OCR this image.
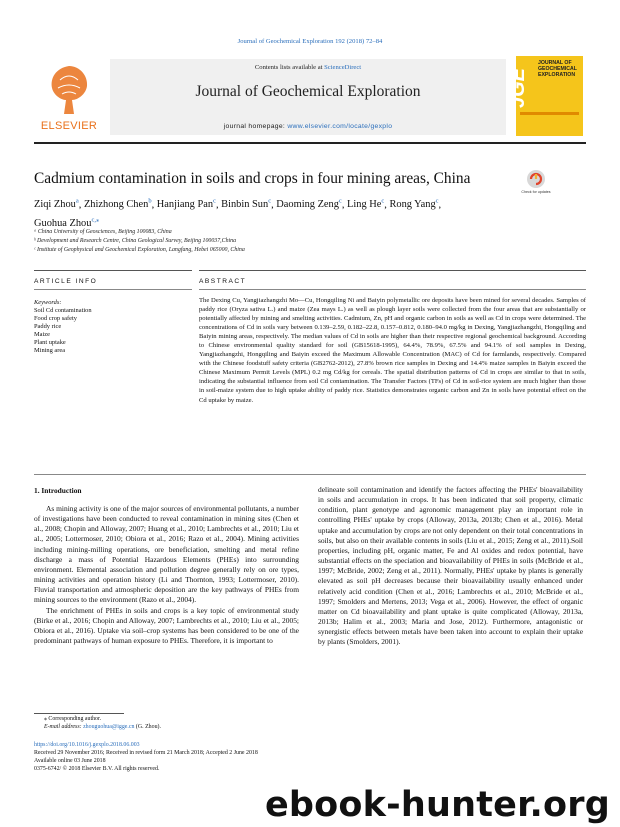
Journal of Geochemical Exploration 192 (2018) 72–84
ELSEVIER
Contents lists available at ScienceDirect
Journal of Geochemical Exploration
journal homepage: www.elsevier.com/locate/gexplo
JOURNAL OF GEOCHEMICAL EXPLORATION
JGE
Cadmium contamination in soils and crops in four mining areas, China
Check for updates
Ziqi Zhou$^a$, Zhizhong Chen$^b$, Hanjiang Pan$^c$, Binbin Sun$^c$, Daoming Zeng$^c$, Ling He$^c$, Rong Yang$^c$,
Guohua Zhou$^{c,⁎}$
ᵃ China University of Geosciences, Beijing 100083, China
ᵇ Development and Research Centre, China Geological Survey, Beijing 100037,China
ᶜ Institute of Geophysical and Geochemical Exploration, Langfang, Hebei 065000, China
ARTICLE INFO	ABSTRACT
Keywords:
Soil Cd contamination
Food crop safety
Paddy rice
Maize
Plant uptake
Mining area
The Dexing Cu, Yangjiazhangzhi Mo—Cu, Hongqiling Ni and Baiyin polymetallic ore deposits have been mined for several decades. Samples of paddy rice (Oryza sativa L.) and maize (Zea mays L.) as well as plough layer soils were collected from the four areas that are substantially or potentially affected by mining and smelting activities. Cadmium, Zn, pH and organic carbon in soils as well as Cd in crops were determined. The concentrations of Cd in soils vary between 0.139–2.59, 0.182–22.8, 0.157–0.812, 0.180–94.0 mg/kg in Dexing, Yangjiazhangzhi, Hongqiling and Baiyin mining areas, respectively. The median values of Cd in soils are higher than their respective regional geochemical background. According to Chinese environmental quality standard for soil (GB15618-1995), 64.4%, 78.9%, 67.5% and 94.1% of soil samples in Dexing, Yangjiazhangzhi, Hongqiling and Baiyin exceed the Maximum Allowable Concentration (MAC) of Cd for farmlands, respectively. Compared with the Chinese foodstuff safety criteria (GB2762-2012), 27.8% brown rice samples in Dexing and 14.4% maize samples in Baiyin exceed the Chinese Maximum Permit Levels (MPL) 0.2 mg Cd/kg for cereals. The spatial distribution patterns of Cd in crops are similar to that in soils, indicating the substantial influence from soil Cd contamination. The Transfer Factors (TFs) of Cd in soil-rice system are much higher than those in soil-maize system due to high uptake ability of paddy rice. Statistics demonstrates organic carbon and Zn in soils have potential effect on the Cd uptake by maize.
1. Introduction

As mining activity is one of the major sources of environmental pollutants, a number of investigations have been conducted to reveal contamination in mining sites (Chen et al., 2008; Chopin and Alloway, 2007; Huang et al., 2010; Lambrechts et al., 2010; Liu et al., 2005; Lottermoser, 2010; Obiora et al., 2016; Razo et al., 2004). Mining activities including mining-milling operations, ore beneficiation, smelting and metal refine discharge a mass of Potential Hazardous Elements (PHEs) into surrounding environment. Elemental association and pollution degree generally rely on ore types, mining activities and operation history (Li and Thornton, 1993; Lottermoser, 2010). Fluvial transportation and atmospheric deposition are the key pathways of PHEs from mining sources to the environment (Razo et al., 2004).

The enrichment of PHEs in soils and crops is a key topic of environmental study (Birke et al., 2016; Chopin and Alloway, 2007; Lambrechts et al., 2010; Liu et al., 2005; Obiora et al., 2016). Uptake via soil–crop systems has been considered to be one of the predominant pathways of human exposure to PHEs. Therefore, it is important to

delineate soil contamination and identify the factors affecting the PHEs' bioavailability in soils and accumulation in crops. It has been indicated that soil property, climatic condition, plant genotype and agronomic management play an important role in controlling PHEs' uptake by crops (Alloway, 2013a, 2013b; Chen et al., 2016). Metal uptake and accumulation by crops are not only dependent on their total concentrations in soils, but also on their available contents in soils (Liu et al., 2015; Zeng et al., 2011).Soil properties, including pH, organic matter, Fe and Al oxides and redox potential, have substantial effects on the speciation and bioavailability of PHEs in soils (McBride et al., 1997; McBride, 2002; Zeng et al., 2011). Normally, PHEs' uptake by plants is generally elevated as soil pH decreases because their bioavailability usually enhanced under relatively acid condition (Chen et al., 2016; Lambrechts et al., 2010; McBride et al., 1997; Smolders and Mertens, 2013; Vega et al., 2006). However, the effect of organic matter on Cd bioavailability and plant uptake is quite complicated (Alloway, 2013a, 2013b; Halim et al., 2003; Maria and Jose, 2012). Furthermore, antagonistic or synergistic effects between metals have been taken into account to explain their uptake by plants (Smolders, 2001).

⁎ Corresponding author.
E-mail address: zhouguohua@igge.cn (G. Zhou).
https://doi.org/10.1016/j.gexplo.2018.06.003
Received 29 November 2016; Received in revised form 21 March 2018; Accepted 2 June 2018
Available online 03 June 2018
0375-6742/ © 2018 Elsevier B.V. All rights reserved.
ebook-hunter.org
